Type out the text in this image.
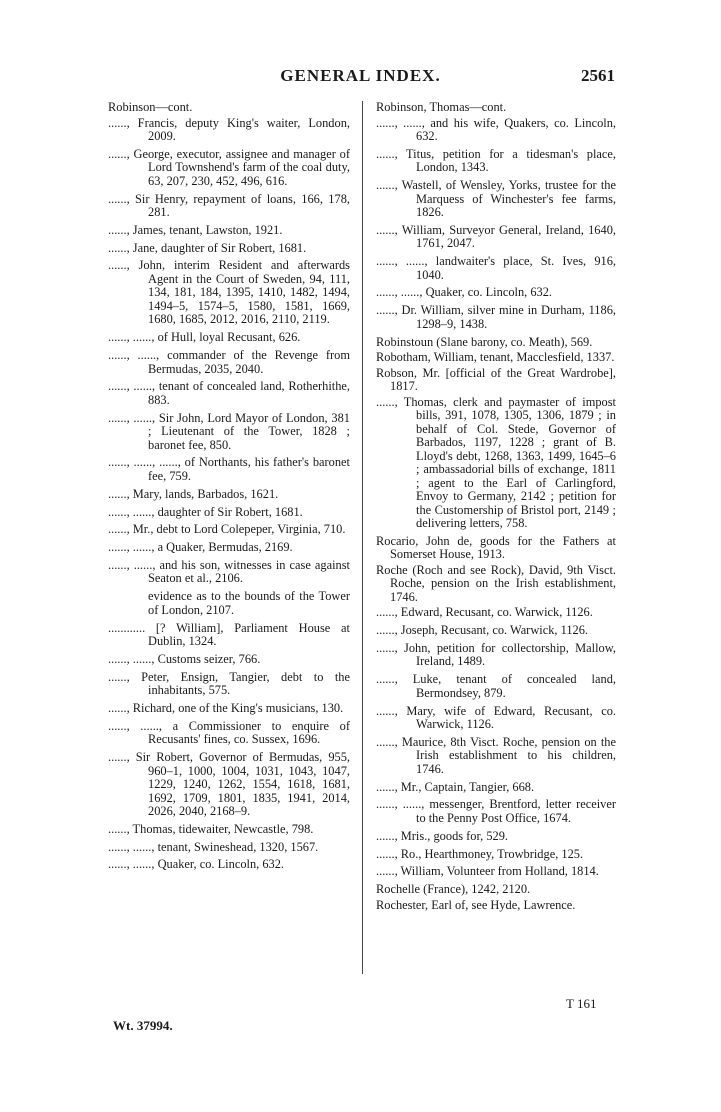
GENERAL INDEX.	2561

Robinson—cont.

......, Francis, deputy King's waiter, London, 2009.

......, George, executor, assignee and manager of Lord Townshend's farm of the coal duty, 63, 207, 230, 452, 496, 616.

......, Sir Henry, repayment of loans, 166, 178, 281.

......, James, tenant, Lawston, 1921.

......, Jane, daughter of Sir Robert, 1681.

......, John, interim Resident and afterwards Agent in the Court of Sweden, 94, 111, 134, 181, 184, 1395, 1410, 1482, 1494, 1494–5, 1574–5, 1580, 1581, 1669, 1680, 1685, 2012, 2016, 2110, 2119.

......, ......, of Hull, loyal Recusant, 626.

......, ......, commander of the Revenge from Bermudas, 2035, 2040.

......, ......, tenant of concealed land, Rotherhithe, 883.

......, ......, Sir John, Lord Mayor of London, 381 ; Lieutenant of the Tower, 1828 ; baronet fee, 850.

......, ......, ......, of Northants, his father's baronet fee, 759.

......, Mary, lands, Barbados, 1621.

......, ......, daughter of Sir Robert, 1681.

......, Mr., debt to Lord Colepeper, Virginia, 710.

......, ......, a Quaker, Bermudas, 2169.

......, ......, and his son, witnesses in case against Seaton et al., 2106.

evidence as to the bounds of the Tower of London, 2107.

............ [? William], Parliament House at Dublin, 1324.

......, ......, Customs seizer, 766.

......, Peter, Ensign, Tangier, debt to the inhabitants, 575.

......, Richard, one of the King's musicians, 130.

......, ......, a Commissioner to enquire of Recusants' fines, co. Sussex, 1696.

......, Sir Robert, Governor of Bermudas, 955, 960–1, 1000, 1004, 1031, 1043, 1047, 1229, 1240, 1262, 1554, 1618, 1681, 1692, 1709, 1801, 1835, 1941, 2014, 2026, 2040, 2168–9.

......, Thomas, tidewaiter, Newcastle, 798.

......, ......, tenant, Swineshead, 1320, 1567.

......, ......, Quaker, co. Lincoln, 632.

Robinson, Thomas—cont.

......, ......, and his wife, Quakers, co. Lincoln, 632.

......, Titus, petition for a tidesman's place, London, 1343.

......, Wastell, of Wensley, Yorks, trustee for the Marquess of Winchester's fee farms, 1826.

......, William, Surveyor General, Ireland, 1640, 1761, 2047.

......, ......, landwaiter's place, St. Ives, 916, 1040.

......, ......, Quaker, co. Lincoln, 632.

......, Dr. William, silver mine in Durham, 1186, 1298–9, 1438.

Robinstoun (Slane barony, co. Meath), 569.

Robotham, William, tenant, Macclesfield, 1337.

Robson, Mr. [official of the Great Wardrobe], 1817.

......, Thomas, clerk and paymaster of impost bills, 391, 1078, 1305, 1306, 1879 ; in behalf of Col. Stede, Governor of Barbados, 1197, 1228 ; grant of B. Lloyd's debt, 1268, 1363, 1499, 1645–6 ; ambassadorial bills of exchange, 1811 ; agent to the Earl of Carlingford, Envoy to Germany, 2142 ; petition for the Customership of Bristol port, 2149 ; delivering letters, 758.

Rocario, John de, goods for the Fathers at Somerset House, 1913.

Roche (Roch and see Rock), David, 9th Visct. Roche, pension on the Irish establishment, 1746.

......, Edward, Recusant, co. Warwick, 1126.

......, Joseph, Recusant, co. Warwick, 1126.

......, John, petition for collectorship, Mallow, Ireland, 1489.

......, Luke, tenant of concealed land, Bermondsey, 879.

......, Mary, wife of Edward, Recusant, co. Warwick, 1126.

......, Maurice, 8th Visct. Roche, pension on the Irish establishment to his children, 1746.

......, Mr., Captain, Tangier, 668.

......, ......, messenger, Brentford, letter receiver to the Penny Post Office, 1674.

......, Mris., goods for, 529.

......, Ro., Hearthmoney, Trowbridge, 125.

......, William, Volunteer from Holland, 1814.

Rochelle (France), 1242, 2120.

Rochester, Earl of, see Hyde, Lawrence.

T 161
Wt. 37994.
